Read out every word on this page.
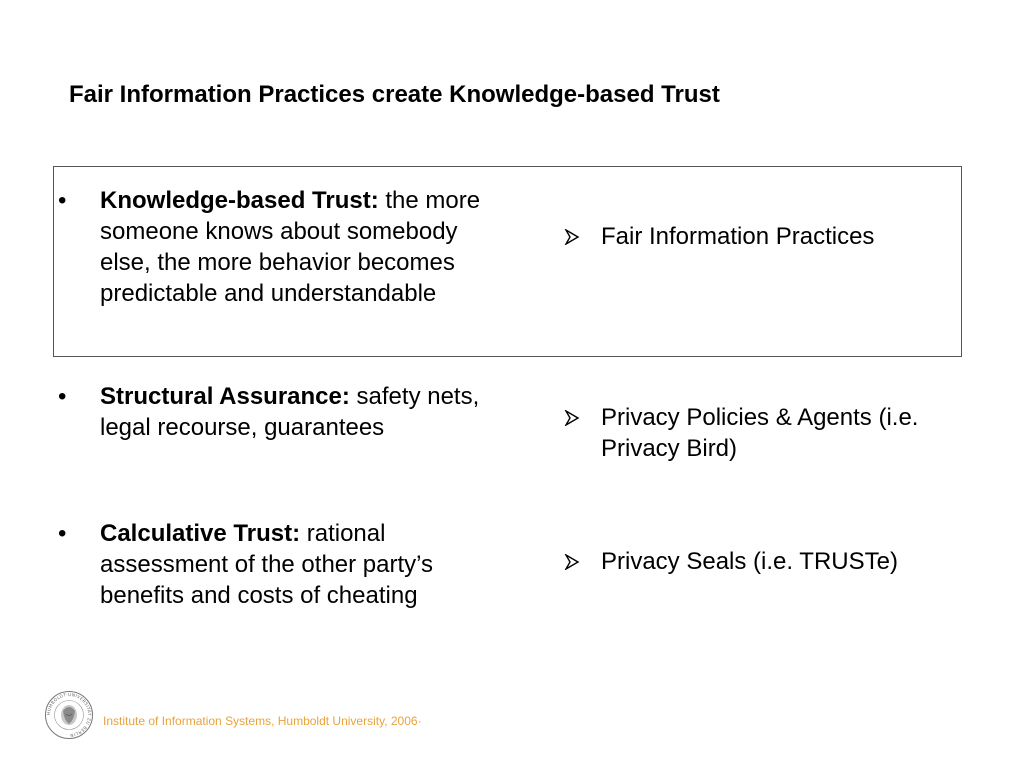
Fair Information Practices create Knowledge-based Trust
• Knowledge-based Trust: the more someone knows about somebody else, the more behavior becomes predictable and understandable
• Structural Assurance: safety nets, legal recourse, guarantees
• Calculative Trust: rational assessment of the other party’s benefits and costs of cheating
Fair Information Practices
Privacy Policies & Agents (i.e. Privacy Bird)
Privacy Seals (i.e. TRUSTe)
HUMBOLDT-UNIVERSITÄT ZU BERLIN
Institute of Information Systems, Humboldt University, 2006·
